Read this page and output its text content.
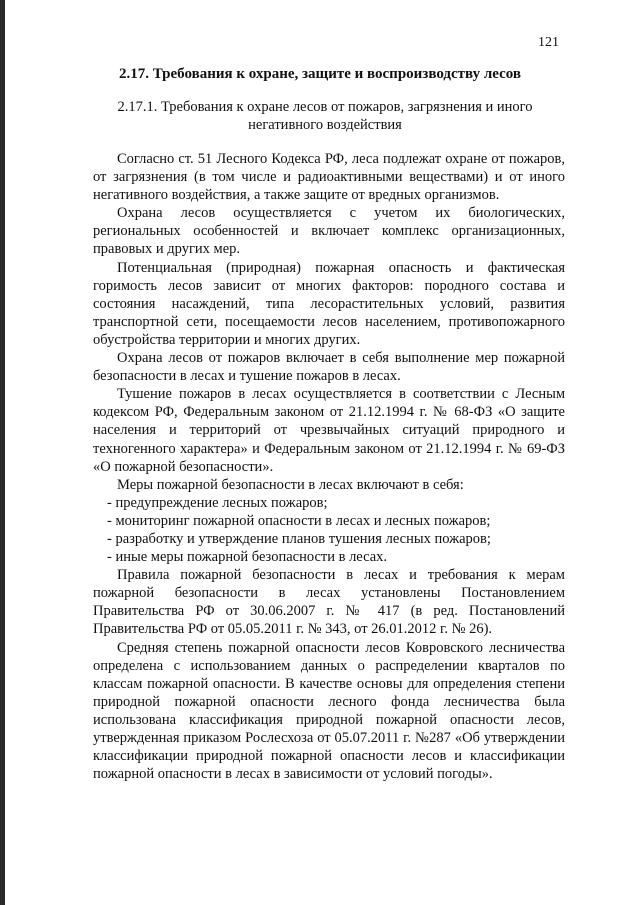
121
2.17. Требования к охране, защите и воспроизводству лесов
2.17.1. Требования к охране лесов от пожаров, загрязнения и иного негативного воздействия

Согласно ст. 51 Лесного Кодекса РФ, леса подлежат охране от пожаров, от загрязнения (в том числе и радиоактивными веществами) и от иного негативного воздействия, а также защите от вредных организмов.

Охрана лесов осуществляется с учетом их биологических, региональных особенностей и включает комплекс организационных, правовых и других мер.

Потенциальная (природная) пожарная опасность и фактическая горимость лесов зависит от многих факторов: породного состава и состояния насаждений, типа лесорастительных условий, развития транспортной сети, посещаемости лесов населением, противопожарного обустройства территории и многих других.

Охрана лесов от пожаров включает в себя выполнение мер пожарной безопасности в лесах и тушение пожаров в лесах.

Тушение пожаров в лесах осуществляется в соответствии с Лесным кодексом РФ, Федеральным законом от 21.12.1994 г. № 68-ФЗ «О защите населения и территорий от чрезвычайных ситуаций природного и техногенного характера» и Федеральным законом от 21.12.1994 г. № 69-ФЗ «О пожарной безопасности».

Меры пожарной безопасности в лесах включают в себя:

- предупреждение лесных пожаров;

- мониторинг пожарной опасности в лесах и лесных пожаров;

- разработку и утверждение планов тушения лесных пожаров;

- иные меры пожарной безопасности в лесах.

Правила пожарной безопасности в лесах и требования к мерам пожарной безопасности в лесах установлены Постановлением Правительства РФ от 30.06.2007 г. № 417 (в ред. Постановлений Правительства РФ от 05.05.2011 г. № 343, от 26.01.2012 г. № 26).

Средняя степень пожарной опасности лесов Ковровского лесничества определена с использованием данных о распределении кварталов по классам пожарной опасности. В качестве основы для определения степени природной пожарной опасности лесного фонда лесничества была использована классификация природной пожарной опасности лесов, утвержденная приказом Рослесхоза от 05.07.2011 г. №287 «Об утверждении классификации природной пожарной опасности лесов и классификации пожарной опасности в лесах в зависимости от условий погоды».
